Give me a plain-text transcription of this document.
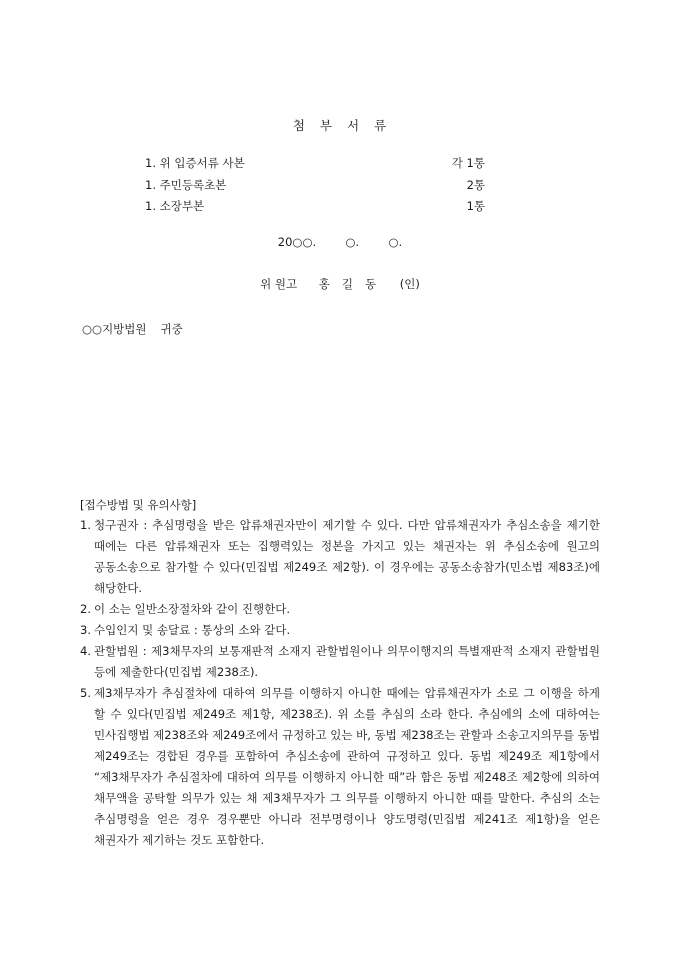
첨 부 서 류
1. 위 입증서류 사본	각 1통
1. 주민등록초본	2통
1. 소장부본	1통
20○○.	○.	○.
위 원고 홍 길 동 (인)
○○지방법원 귀중
[접수방법 및 유의사항]

1. 청구권자 : 추심명령을 받은 압류채권자만이 제기할 수 있다. 다만 압류채권자가 추심소송을 제기한 때에는 다른 압류채권자 또는 집행력있는 정본을 가지고 있는 채권자는 위 추심소송에 원고의 공동소송으로 참가할 수 있다(민집법 제249조 제2항). 이 경우에는 공동소송참가(민소법 제83조)에 해당한다.

2. 이 소는 일반소장절차와 같이 진행한다.

3. 수입인지 및 송달료 : 통상의 소와 같다.

4. 관할법원 : 제3채무자의 보통재판적 소재지 관할법원이나 의무이행지의 특별재판적 소재지 관할법원 등에 제출한다(민집법 제238조).

5. 제3채무자가 추심절차에 대하여 의무를 이행하지 아니한 때에는 압류채권자가 소로 그 이행을 하게 할 수 있다(민집법 제249조 제1항, 제238조). 위 소를 추심의 소라 한다. 추심에의 소에 대하여는 민사집행법 제238조와 제249조에서 규정하고 있는 바, 동법 제238조는 관할과 소송고지의무를 동법 제249조는 경합된 경우를 포함하여 추심소송에 관하여 규정하고 있다. 동법 제249조 제1항에서 “제3채무자가 추심절차에 대하여 의무를 이행하지 아니한 때”라 함은 동법 제248조 제2항에 의하여 채무액을 공탁할 의무가 있는 채 제3채무자가 그 의무를 이행하지 아니한 때를 말한다. 추심의 소는 추심명령을 얻은 경우 경우뿐만 아니라 전부명령이나 양도명령(민집법 제241조 제1항)을 얻은 채권자가 제기하는 것도 포함한다.
